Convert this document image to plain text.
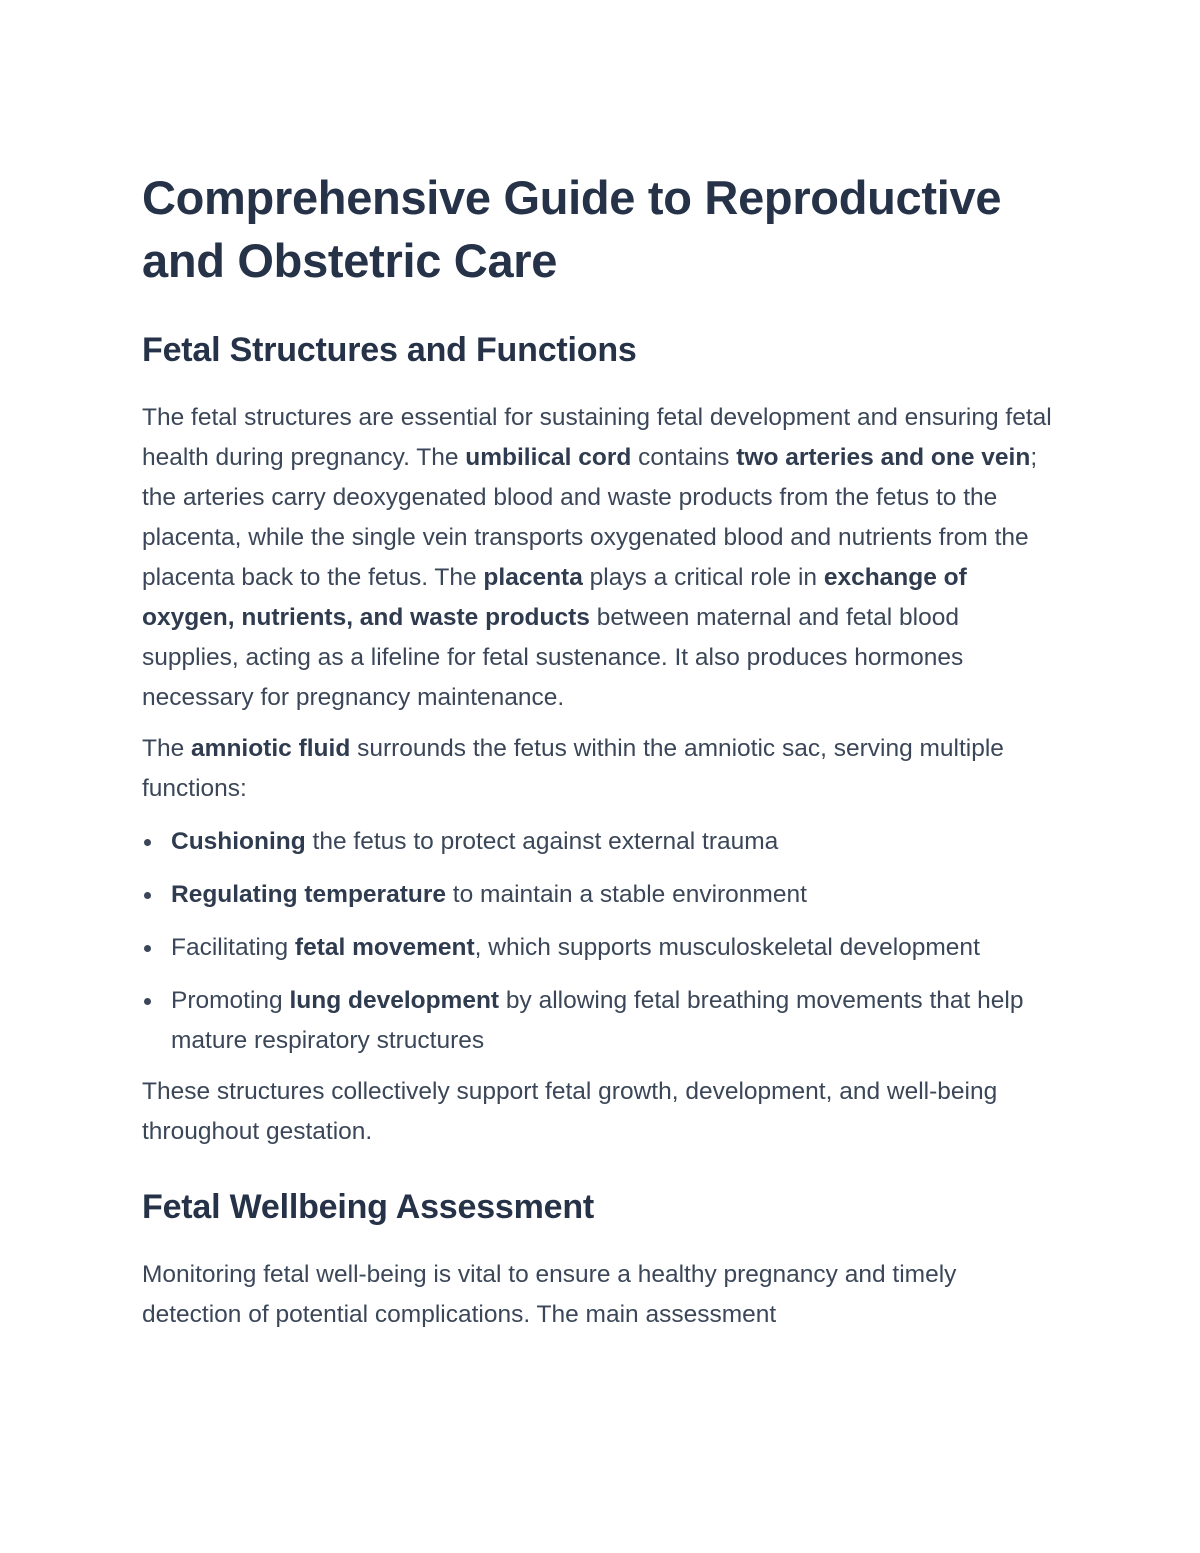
Comprehensive Guide to Reproductive and Obstetric Care
Fetal Structures and Functions

The fetal structures are essential for sustaining fetal development and ensuring fetal health during pregnancy. The umbilical cord contains two arteries and one vein; the arteries carry deoxygenated blood and waste products from the fetus to the placenta, while the single vein transports oxygenated blood and nutrients from the placenta back to the fetus. The placenta plays a critical role in exchange of oxygen, nutrients, and waste products between maternal and fetal blood supplies, acting as a lifeline for fetal sustenance. It also produces hormones necessary for pregnancy maintenance.

The amniotic fluid surrounds the fetus within the amniotic sac, serving multiple functions:

Cushioning the fetus to protect against external trauma
Regulating temperature to maintain a stable environment
Facilitating fetal movement, which supports musculoskeletal development
Promoting lung development by allowing fetal breathing movements that help mature respiratory structures

These structures collectively support fetal growth, development, and well-being throughout gestation.

Fetal Wellbeing Assessment

Monitoring fetal well-being is vital to ensure a healthy pregnancy and timely detection of potential complications. The main assessment
